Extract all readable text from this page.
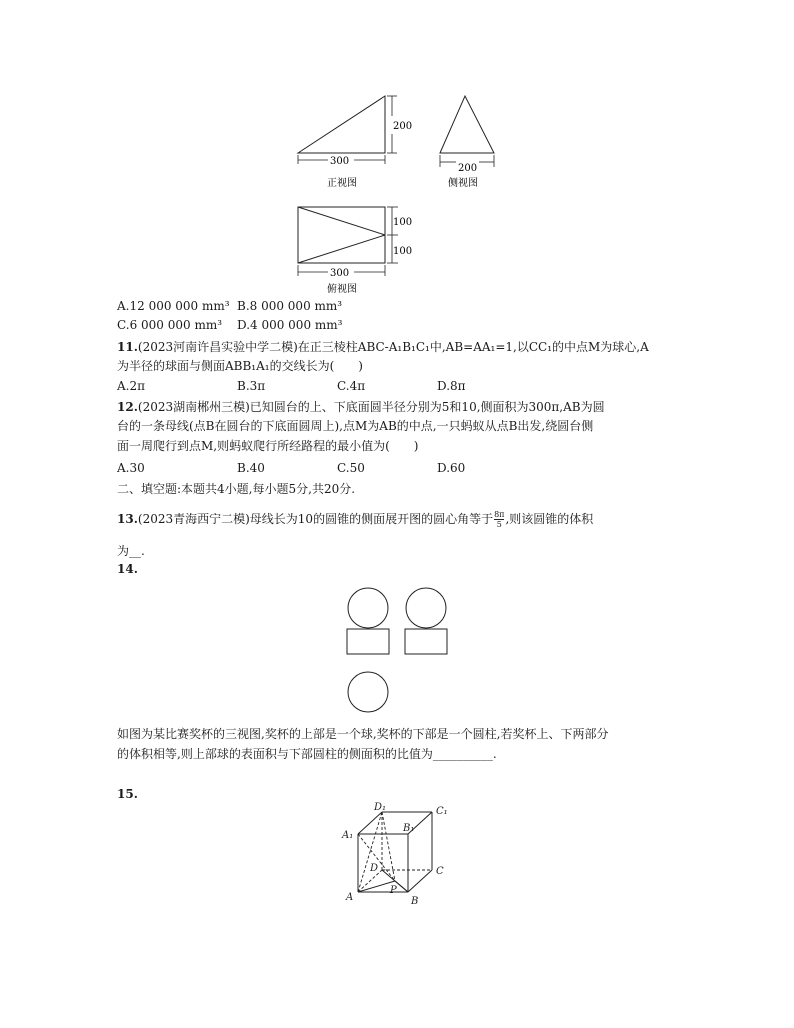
200
300
正视图
200
侧视图
100
100
300
俯视图
A.12 000 000 mm³ B.8 000 000 mm³
C.6 000 000 mm³ D.4 000 000 mm³
11.(2023河南许昌实验中学二模)在正三棱柱ABC-A₁B₁C₁中,AB=AA₁=1,以CC₁的中点M为球心,A
为半径的球面与侧面ABB₁A₁的交线长为(　　)
A.2π	B.3π	C.4π	D.8π
12.(2023湖南郴州三模)已知圆台的上、下底面圆半径分别为5和10,侧面积为300π,AB为圆
台的一条母线(点B在圆台的下底面圆周上),点M为AB的中点,一只蚂蚁从点B出发,绕圆台侧
面一周爬行到点M,则蚂蚁爬行所经路程的最小值为(　　)
A.30	B.40	C.50	D.60
二、填空题:本题共4小题,每小题5分,共20分.
13.(2023青海西宁二模)母线长为10的圆锥的侧面展开图的圆心角等于 $\frac{8\pi}{5}$ ,则该圆锥的体积
为__.
14.
如图为某比赛奖杯的三视图,奖杯的上部是一个球,奖杯的下部是一个圆柱,若奖杯上、下两部分
的体积相等,则上部球的表面积与下部圆柱的侧面积的比值为__________.
15.
A	B
C
D
A₁
B₁
C₁
D₁
P
